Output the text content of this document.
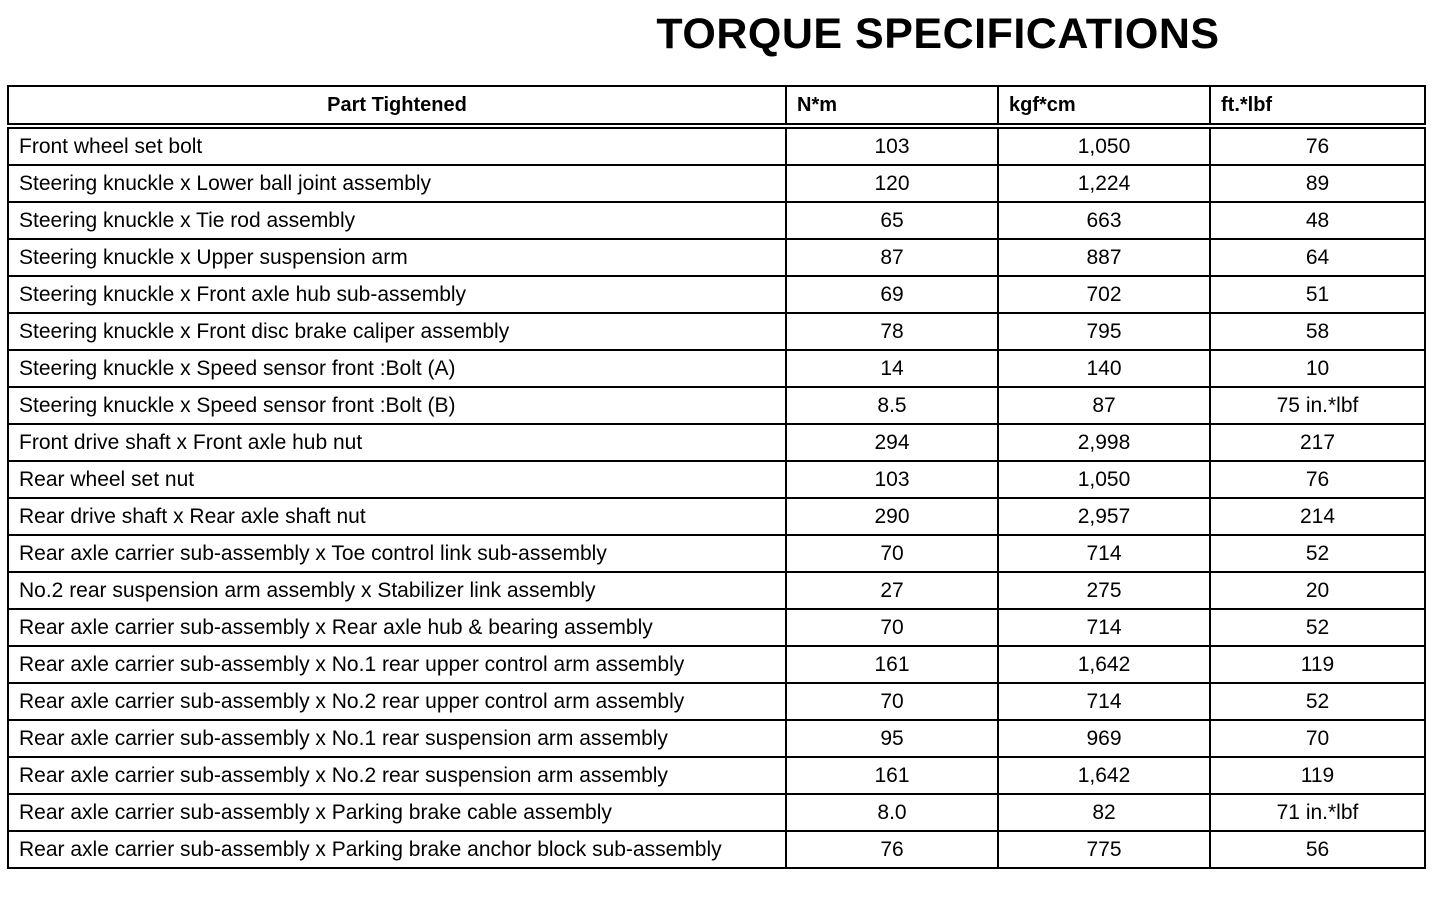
TORQUE SPECIFICATIONS
Part Tightened	N*m	kgf*cm	ft.*lbf
Front wheel set bolt	103	1,050	76
Steering knuckle x Lower ball joint assembly	120	1,224	89
Steering knuckle x Tie rod assembly	65	663	48
Steering knuckle x Upper suspension arm	87	887	64
Steering knuckle x Front axle hub sub-assembly	69	702	51
Steering knuckle x Front disc brake caliper assembly	78	795	58
Steering knuckle x Speed sensor front :Bolt (A)	14	140	10
Steering knuckle x Speed sensor front :Bolt (B)	8.5	87	75 in.*lbf
Front drive shaft x Front axle hub nut	294	2,998	217
Rear wheel set nut	103	1,050	76
Rear drive shaft x Rear axle shaft nut	290	2,957	214
Rear axle carrier sub-assembly x Toe control link sub-assembly	70	714	52
No.2 rear suspension arm assembly x Stabilizer link assembly	27	275	20
Rear axle carrier sub-assembly x Rear axle hub & bearing assembly	70	714	52
Rear axle carrier sub-assembly x No.1 rear upper control arm assembly	161	1,642	119
Rear axle carrier sub-assembly x No.2 rear upper control arm assembly	70	714	52
Rear axle carrier sub-assembly x No.1 rear suspension arm assembly	95	969	70
Rear axle carrier sub-assembly x No.2 rear suspension arm assembly	161	1,642	119
Rear axle carrier sub-assembly x Parking brake cable assembly	8.0	82	71 in.*lbf
Rear axle carrier sub-assembly x Parking brake anchor block sub-assembly	76	775	56
